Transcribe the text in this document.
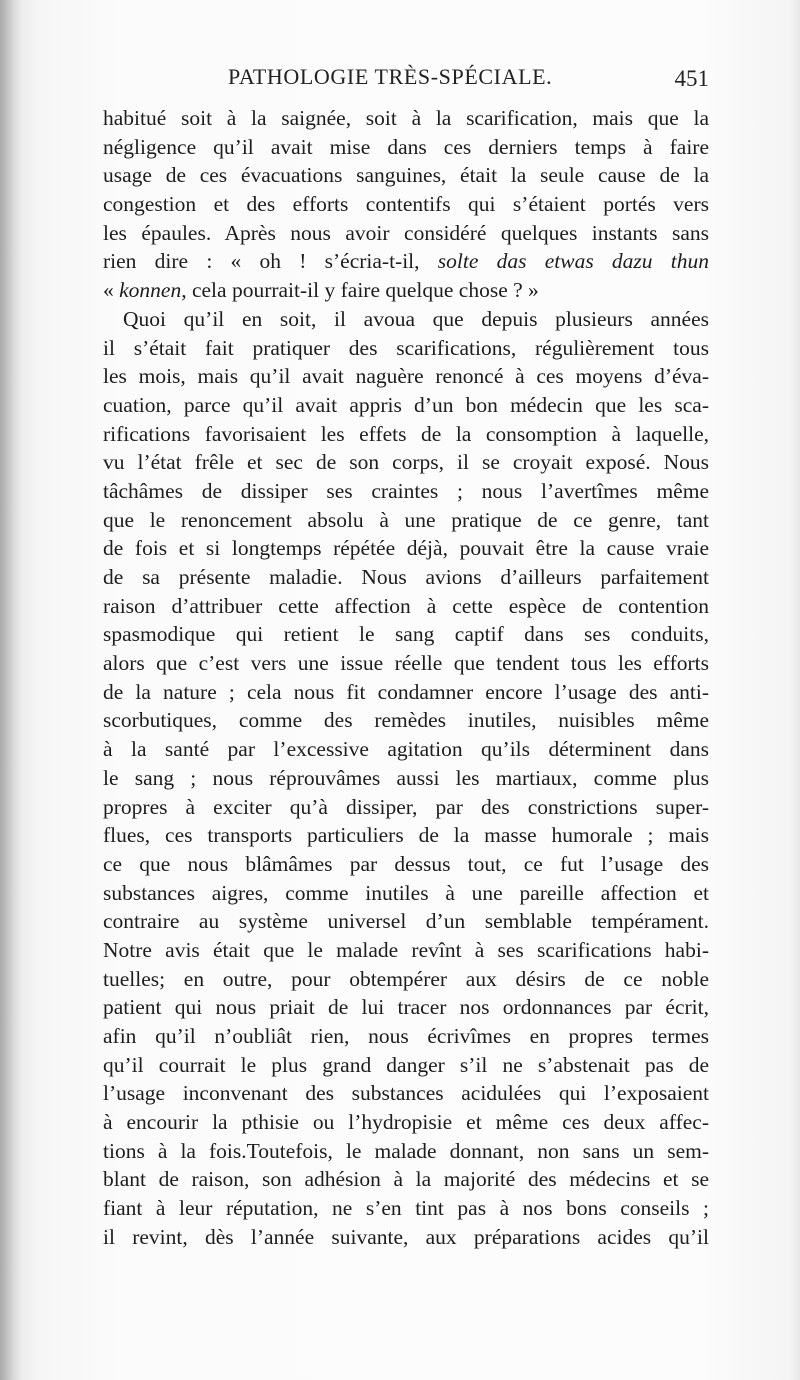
PATHOLOGIE TRÈS-SPÉCIALE.	451
habitué soit à la saignée, soit à la scarification, mais que la
négligence qu’il avait mise dans ces derniers temps à faire
usage de ces évacuations sanguines, était la seule cause de la
congestion et des efforts contentifs qui s’étaient portés vers
les épaules. Après nous avoir considéré quelques instants sans
rien dire : « oh ! s’écria-t-il, solte das etwas dazu thun
« konnen, cela pourrait-il y faire quelque chose ? »
Quoi qu’il en soit, il avoua que depuis plusieurs années
il s’était fait pratiquer des scarifications, régulièrement tous
les mois, mais qu’il avait naguère renoncé à ces moyens d’éva-
cuation, parce qu’il avait appris d’un bon médecin que les sca-
rifications favorisaient les effets de la consomption à laquelle,
vu l’état frêle et sec de son corps, il se croyait exposé. Nous
tâchâmes de dissiper ses craintes ; nous l’avertîmes même
que le renoncement absolu à une pratique de ce genre, tant
de fois et si longtemps répétée déjà, pouvait être la cause vraie
de sa présente maladie. Nous avions d’ailleurs parfaitement
raison d’attribuer cette affection à cette espèce de contention
spasmodique qui retient le sang captif dans ses conduits,
alors que c’est vers une issue réelle que tendent tous les efforts
de la nature ; cela nous fit condamner encore l’usage des anti-
scorbutiques, comme des remèdes inutiles, nuisibles même
à la santé par l’excessive agitation qu’ils déterminent dans
le sang ; nous réprouvâmes aussi les martiaux, comme plus
propres à exciter qu’à dissiper, par des constrictions super-
flues, ces transports particuliers de la masse humorale ; mais
ce que nous blâmâmes par dessus tout, ce fut l’usage des
substances aigres, comme inutiles à une pareille affection et
contraire au système universel d’un semblable tempérament.
Notre avis était que le malade revînt à ses scarifications habi-
tuelles; en outre, pour obtempérer aux désirs de ce noble
patient qui nous priait de lui tracer nos ordonnances par écrit,
afin qu’il n’oubliât rien, nous écrivîmes en propres termes
qu’il courrait le plus grand danger s’il ne s’abstenait pas de
l’usage inconvenant des substances acidulées qui l’exposaient
à encourir la pthisie ou l’hydropisie et même ces deux affec-
tions à la fois.Toutefois, le malade donnant, non sans un sem-
blant de raison, son adhésion à la majorité des médecins et se
fiant à leur réputation, ne s’en tint pas à nos bons conseils ;
il revint, dès l’année suivante, aux préparations acides qu’il
